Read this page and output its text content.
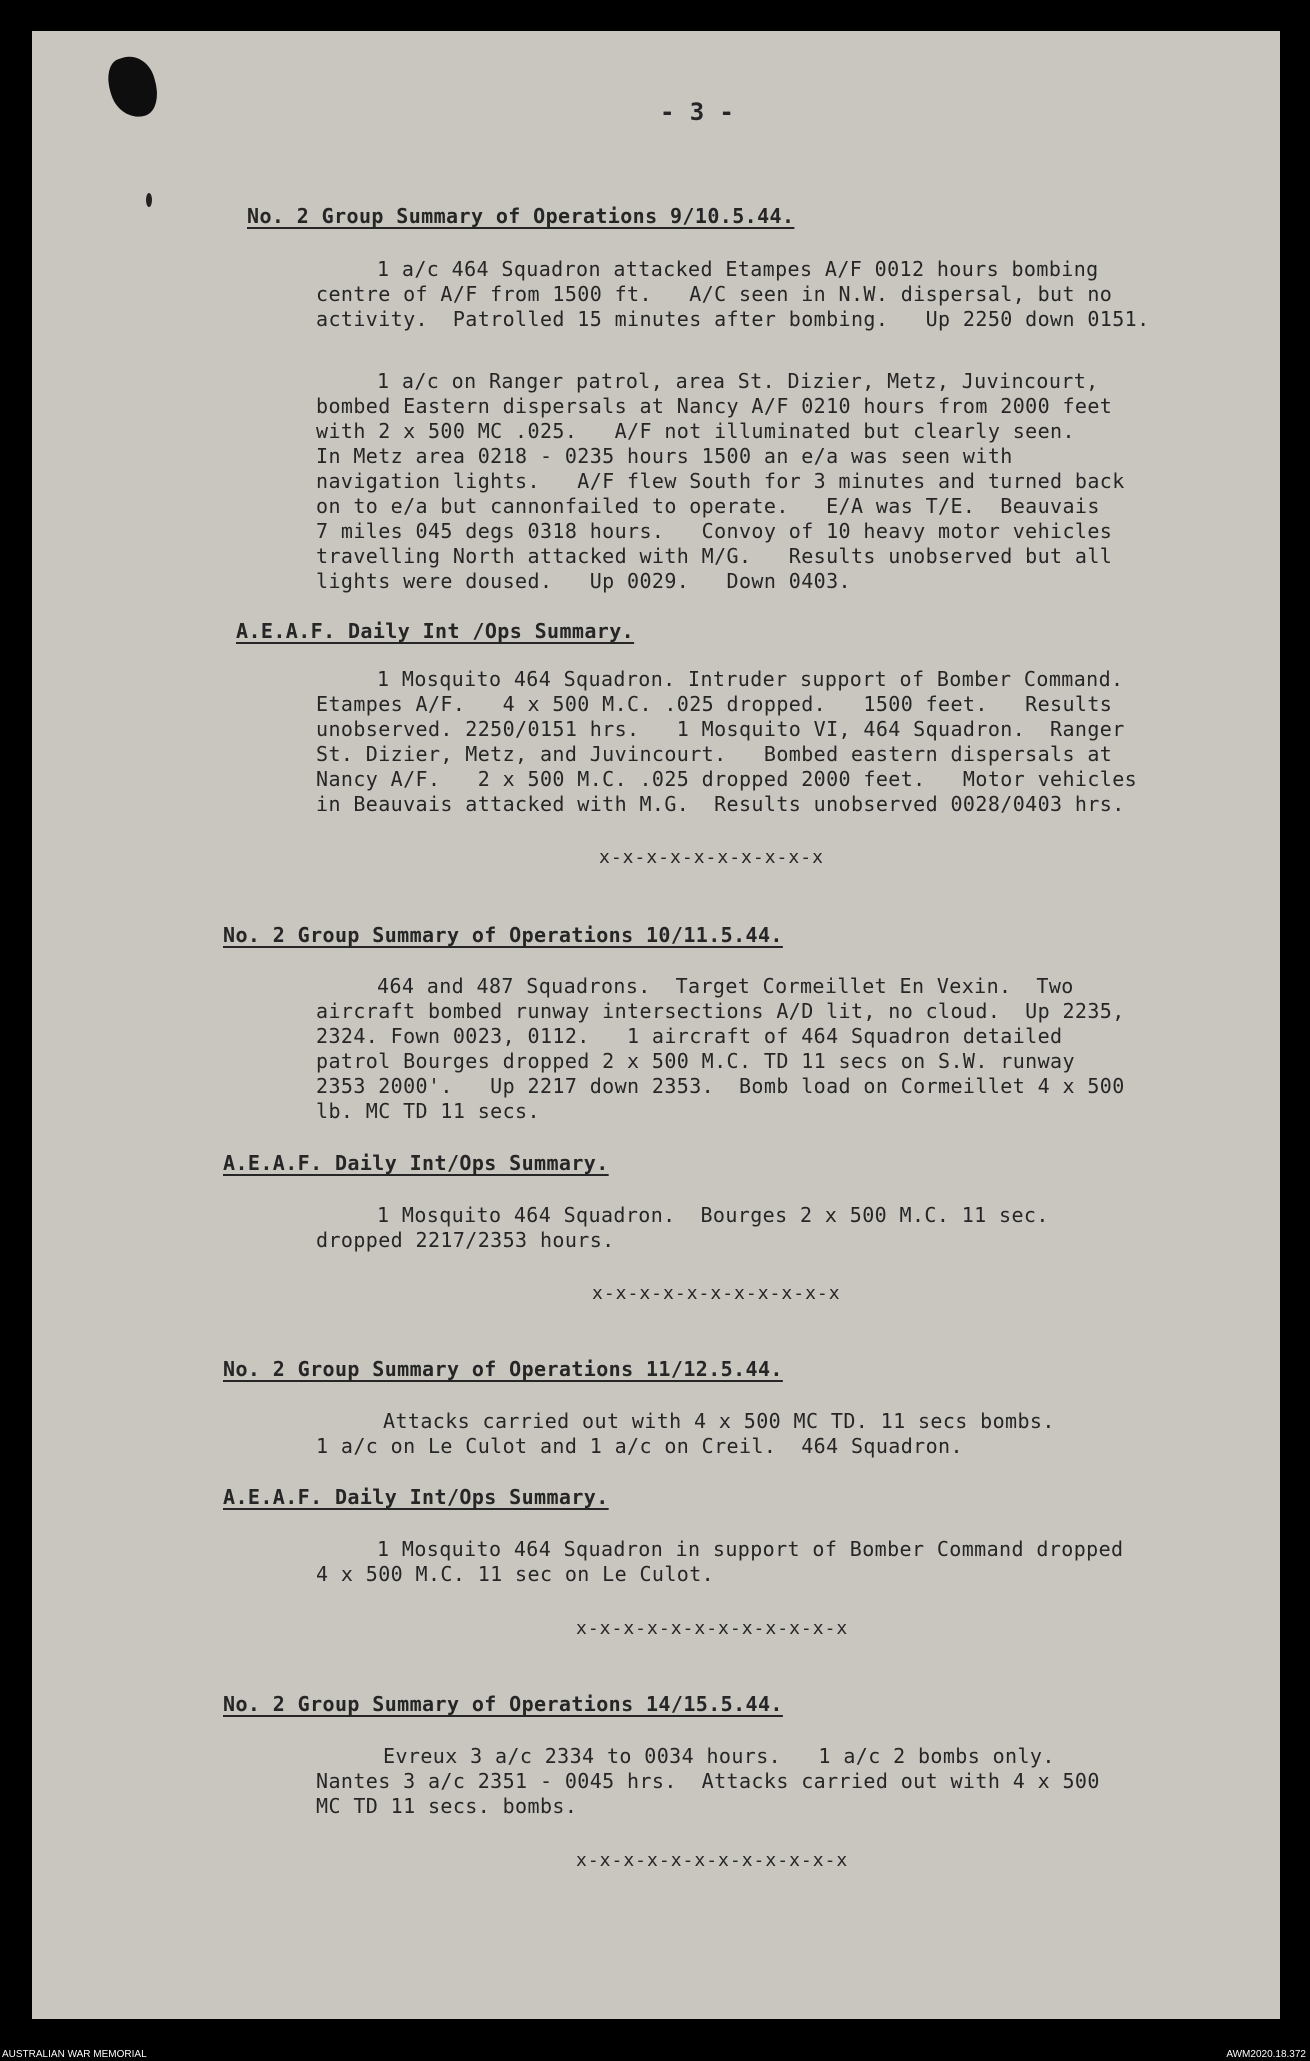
- 3 -
No. 2 Group Summary of Operations 9/10.5.44.
1 a/c 464 Squadron attacked Etampes A/F 0012 hours bombing
centre of A/F from 1500 ft.   A/C seen in N.W. dispersal, but no
activity.  Patrolled 15 minutes after bombing.   Up 2250 down 0151.
1 a/c on Ranger patrol, area St. Dizier, Metz, Juvincourt,
bombed Eastern dispersals at Nancy A/F 0210 hours from 2000 feet
with 2 x 500 MC .025.   A/F not illuminated but clearly seen.
In Metz area 0218 - 0235 hours 1500 an e/a was seen with
navigation lights.   A/F flew South for 3 minutes and turned back
on to e/a but cannonfailed to operate.   E/A was T/E.  Beauvais
7 miles 045 degs 0318 hours.   Convoy of 10 heavy motor vehicles
travelling North attacked with M/G.   Results unobserved but all
lights were doused.   Up 0029.   Down 0403.
A.E.A.F. Daily Int /Ops Summary.
1 Mosquito 464 Squadron. Intruder support of Bomber Command.
Etampes A/F.   4 x 500 M.C. .025 dropped.   1500 feet.   Results
unobserved. 2250/0151 hrs.   1 Mosquito VI, 464 Squadron.  Ranger
St. Dizier, Metz, and Juvincourt.   Bombed eastern dispersals at
Nancy A/F.   2 x 500 M.C. .025 dropped 2000 feet.   Motor vehicles
in Beauvais attacked with M.G.  Results unobserved 0028/0403 hrs.
x-x-x-x-x-x-x-x-x-x
No. 2 Group Summary of Operations 10/11.5.44.
464 and 487 Squadrons.  Target Cormeillet En Vexin.  Two
aircraft bombed runway intersections A/D lit, no cloud.  Up 2235,
2324. Fown 0023, 0112.   1 aircraft of 464 Squadron detailed
patrol Bourges dropped 2 x 500 M.C. TD 11 secs on S.W. runway
2353 2000'.   Up 2217 down 2353.  Bomb load on Cormeillet 4 x 500
lb. MC TD 11 secs.
A.E.A.F. Daily Int/Ops Summary.
1 Mosquito 464 Squadron.  Bourges 2 x 500 M.C. 11 sec.
dropped 2217/2353 hours.
x-x-x-x-x-x-x-x-x-x-x
No. 2 Group Summary of Operations 11/12.5.44.
Attacks carried out with 4 x 500 MC TD. 11 secs bombs.
1 a/c on Le Culot and 1 a/c on Creil.  464 Squadron.
A.E.A.F. Daily Int/Ops Summary.
1 Mosquito 464 Squadron in support of Bomber Command dropped
4 x 500 M.C. 11 sec on Le Culot.
x-x-x-x-x-x-x-x-x-x-x-x
No. 2 Group Summary of Operations 14/15.5.44.
Evreux 3 a/c 2334 to 0034 hours.   1 a/c 2 bombs only.
Nantes 3 a/c 2351 - 0045 hrs.  Attacks carried out with 4 x 500
MC TD 11 secs. bombs.
x-x-x-x-x-x-x-x-x-x-x-x
AUSTRALIAN WAR MEMORIAL	AWM2020.18.372
